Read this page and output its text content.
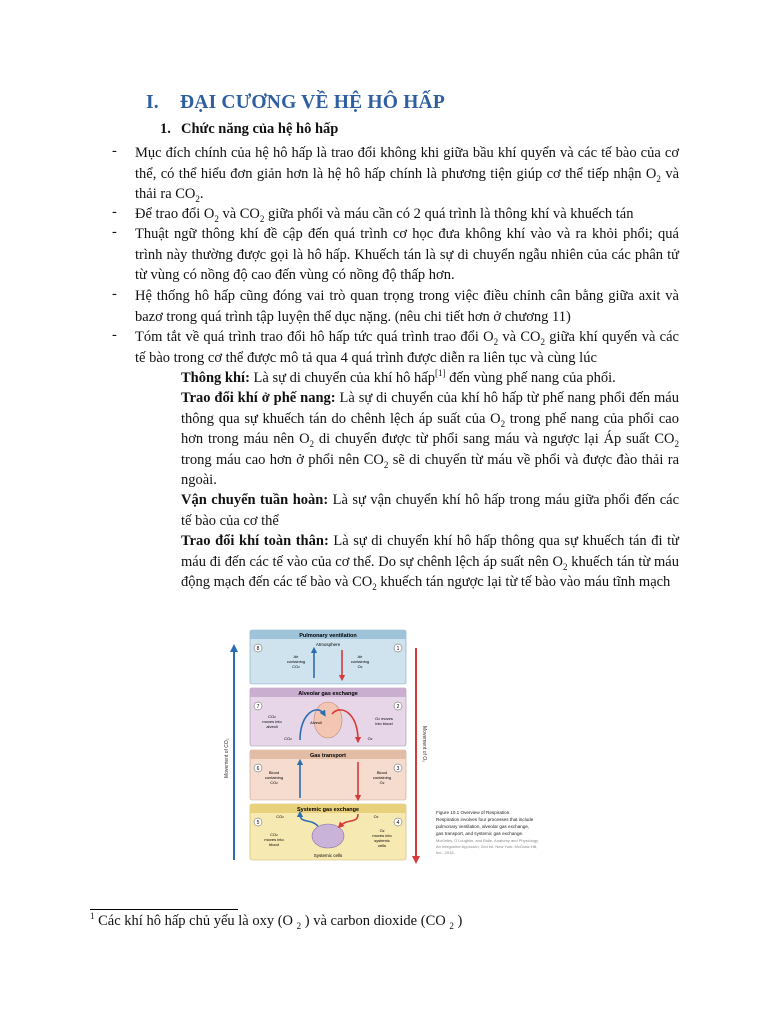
I. ĐẠI CƯƠNG VỀ HỆ HÔ HẤP
1. Chức năng của hệ hô hấp
- Mục đích chính của hệ hô hấp là trao đổi không khi giữa bầu khí quyển và các tế bào của cơ thể, có thể hiểu đơn giản hơn là hệ hô hấp chính là phương tiện giúp cơ thể tiếp nhận $O_2$ và thải ra $CO_2$.
- Để trao đổi $O_2$ và $CO_2$ giữa phổi và máu cần có 2 quá trình là thông khí và khuếch tán
- Thuật ngữ thông khí đề cập đến quá trình cơ học đưa không khí vào và ra khỏi phổi; quá trình này thường được gọi là hô hấp. Khuếch tán là sự di chuyển ngẫu nhiên của các phân tử từ vùng có nồng độ cao đến vùng có nồng độ thấp hơn.
- Hệ thống hô hấp cũng đóng vai trò quan trọng trong việc điều chỉnh cân bằng giữa axit và bazơ trong quá trình tập luyện thể dục nặng. (nêu chi tiết hơn ở chương 11)
- Tóm tắt về quá trình trao đổi hô hấp tức quá trình trao đổi $O_2$ và $CO_2$ giữa khí quyển và các tế bào trong cơ thể được mô tả qua 4 quá trình được diễn ra liên tục và cùng lúc
Thông khí: Là sự di chuyển của khí hô hấp[1] đến vùng phế nang của phổi.
Trao đổi khí ở phế nang: Là sự di chuyển của khí hô hấp từ phế nang phổi đến máu thông qua sự khuếch tán do chênh lệch áp suất của $O_2$ trong phế nang của phổi cao hơn trong máu nên $O_2$ di chuyển được từ phổi sang máu và ngược lại Áp suất $CO_2$ trong máu cao hơn ở phổi nên $CO_2$ sẽ di chuyển từ máu về phổi và được đào thải ra ngoài.
Vận chuyển tuần hoàn: Là sự vận chuyển khí hô hấp trong máu giữa phổi đến các tế bào của cơ thể
Trao đổi khí toàn thân: Là sự di chuyển khí hô hấp thông qua sự khuếch tán đi từ máu đi đến các tế vào của cơ thể. Do sự chênh lệch áp suất nên $O_2$ khuếch tán từ máu động mạch đến các tế bào và $CO_2$ khuếch tán ngược lại từ tế bào vào máu tĩnh mạch
Movement of CO₂	Movement of O₂
Pulmonary ventilation
Atmosphere
8	1
Air
containing
CO2
Air
containing
O2
Alveolar gas exchange
7	2
Alveoli
CO2
moves into
alveoli
O2 moves
into blood
CO2	O2
Gas transport
6	3
Blood
containing
CO2
Blood
containing
O2
Systemic gas exchange
5	4
CO2	O2
CO2
moves into
blood
O2
moves into
systemic
cells
Systemic cells
Figure 10.1 Overview of Respiration.
Respiration involves four processes that include
pulmonary ventilation, alveolar gas exchange,
gas transport, and systemic gas exchange.
McKinley, O'Loughlin, and Bidle, Anatomy and Physiology
An Integrative Approach, 2nd ed. New York: McGraw-Hill,
Inc., 2016.
$^1$ Các khí hô hấp chủ yếu là oxy (O $_2$ ) và carbon dioxide (CO $_2$ )
